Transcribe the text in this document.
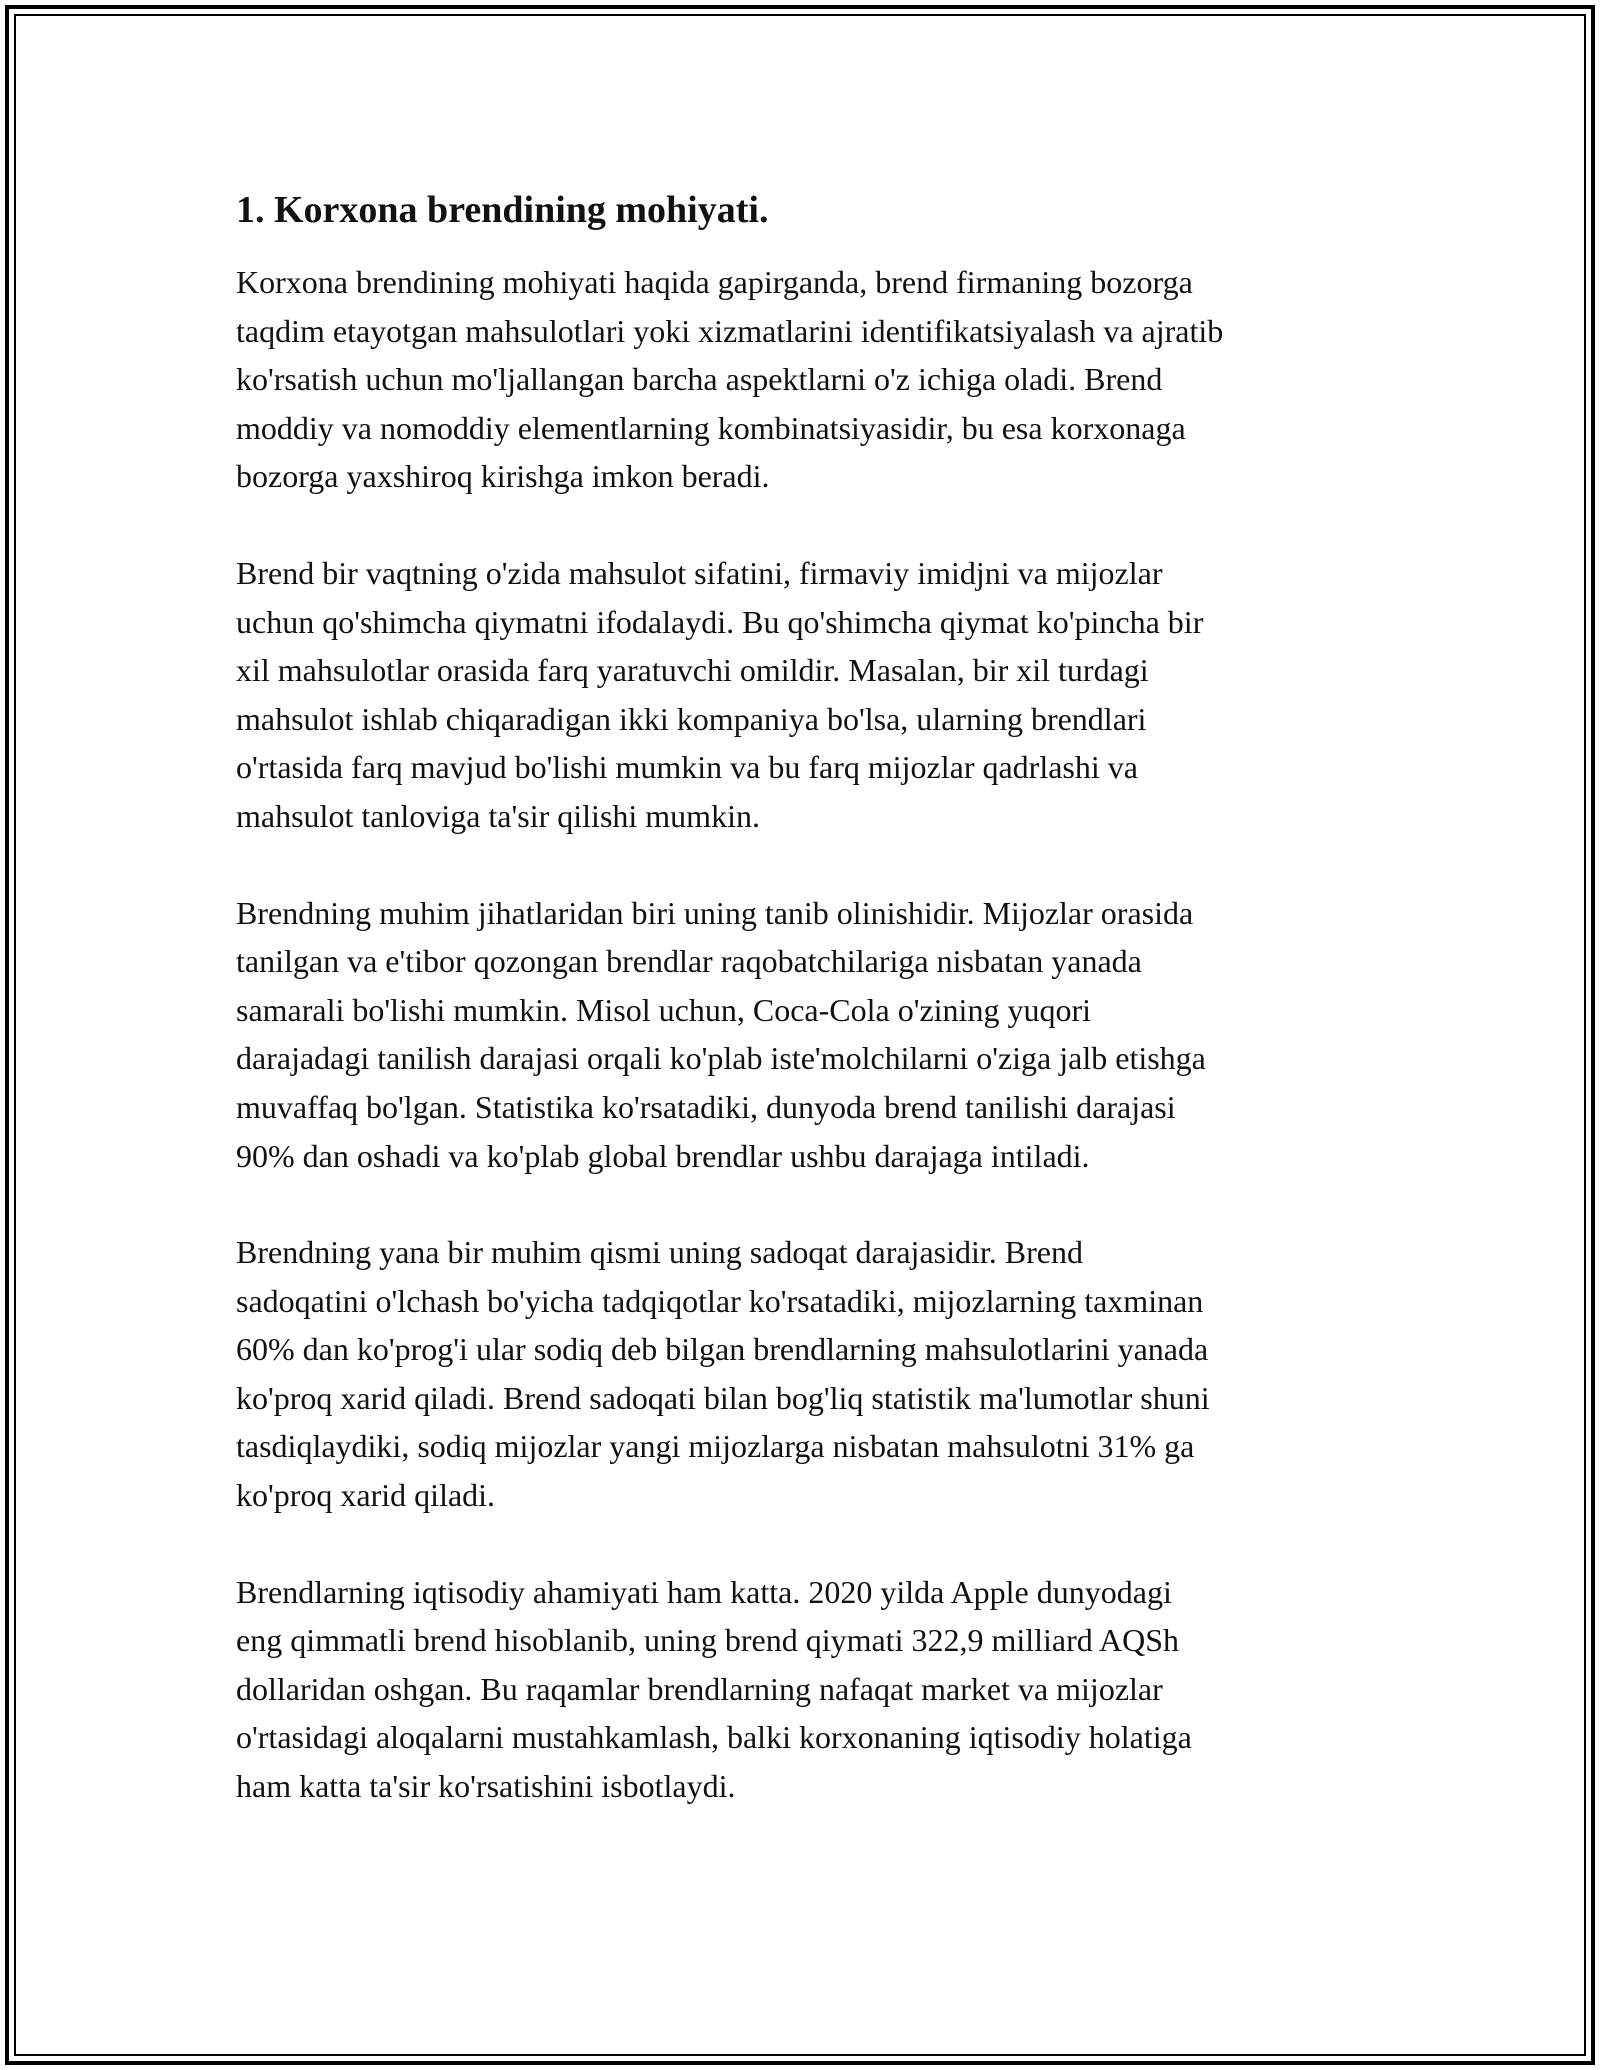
1. Korxona brendining mohiyati.

Korxona brendining mohiyati haqida gapirganda, brend firmaning bozorga
taqdim etayotgan mahsulotlari yoki xizmatlarini identifikatsiyalash va ajratib
ko'rsatish uchun mo'ljallangan barcha aspektlarni o'z ichiga oladi. Brend
moddiy va nomoddiy elementlarning kombinatsiyasidir, bu esa korxonaga
bozorga yaxshiroq kirishga imkon beradi.

Brend bir vaqtning o'zida mahsulot sifatini, firmaviy imidjni va mijozlar
uchun qo'shimcha qiymatni ifodalaydi. Bu qo'shimcha qiymat ko'pincha bir
xil mahsulotlar orasida farq yaratuvchi omildir. Masalan, bir xil turdagi
mahsulot ishlab chiqaradigan ikki kompaniya bo'lsa, ularning brendlari
o'rtasida farq mavjud bo'lishi mumkin va bu farq mijozlar qadrlashi va
mahsulot tanloviga ta'sir qilishi mumkin.

Brendning muhim jihatlaridan biri uning tanib olinishidir. Mijozlar orasida
tanilgan va e'tibor qozongan brendlar raqobatchilariga nisbatan yanada
samarali bo'lishi mumkin. Misol uchun, Coca-Cola o'zining yuqori
darajadagi tanilish darajasi orqali ko'plab iste'molchilarni o'ziga jalb etishga
muvaffaq bo'lgan. Statistika ko'rsatadiki, dunyoda brend tanilishi darajasi
90% dan oshadi va ko'plab global brendlar ushbu darajaga intiladi.

Brendning yana bir muhim qismi uning sadoqat darajasidir. Brend
sadoqatini o'lchash bo'yicha tadqiqotlar ko'rsatadiki, mijozlarning taxminan
60% dan ko'prog'i ular sodiq deb bilgan brendlarning mahsulotlarini yanada
ko'proq xarid qiladi. Brend sadoqati bilan bog'liq statistik ma'lumotlar shuni
tasdiqlaydiki, sodiq mijozlar yangi mijozlarga nisbatan mahsulotni 31% ga
ko'proq xarid qiladi.

Brendlarning iqtisodiy ahamiyati ham katta. 2020 yilda Apple dunyodagi
eng qimmatli brend hisoblanib, uning brend qiymati 322,9 milliard AQSh
dollaridan oshgan. Bu raqamlar brendlarning nafaqat market va mijozlar
o'rtasidagi aloqalarni mustahkamlash, balki korxonaning iqtisodiy holatiga
ham katta ta'sir ko'rsatishini isbotlaydi.
